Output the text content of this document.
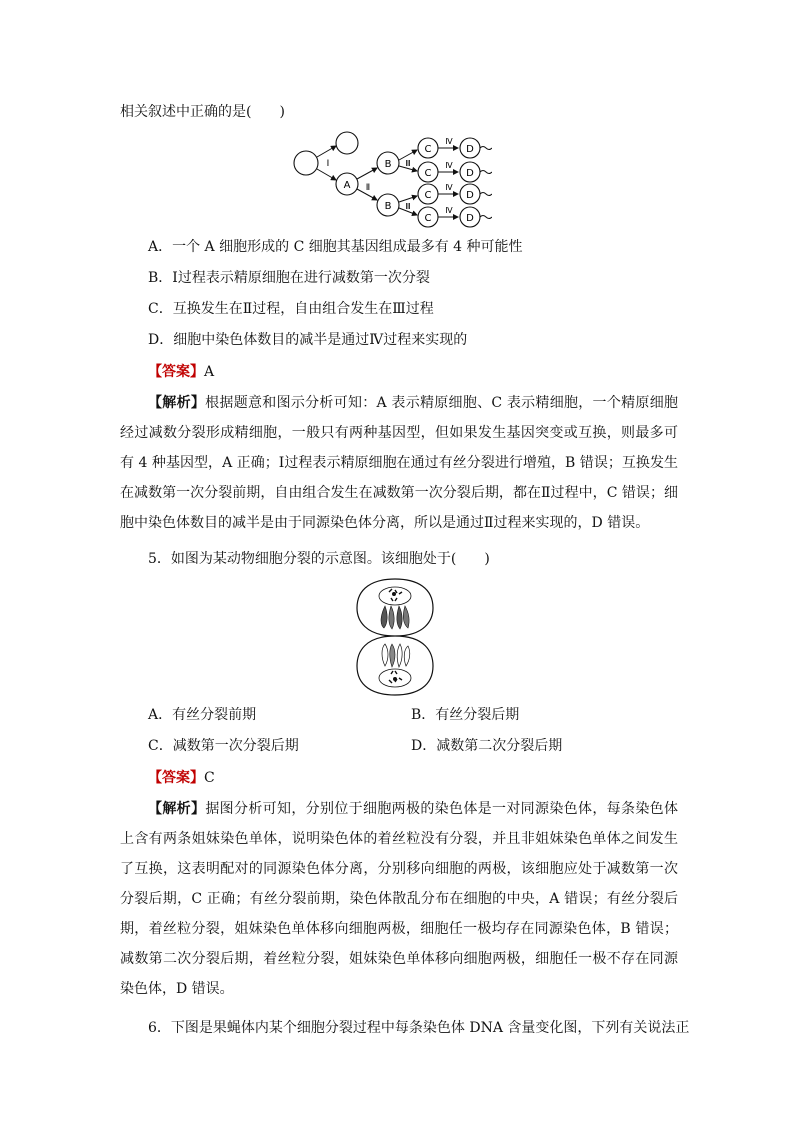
相关叙述中正确的是(　　)
A
Ⅰ	B
B
Ⅱ
C
C
C
C
Ⅲ
Ⅲ
D
D
D
D
Ⅳ
Ⅳ
Ⅳ
Ⅳ
A．一个 A 细胞形成的 C 细胞其基因组成最多有 4 种可能性
B．Ⅰ过程表示精原细胞在进行减数第一次分裂
C．互换发生在Ⅱ过程，自由组合发生在Ⅲ过程
D．细胞中染色体数目的减半是通过Ⅳ过程来实现的
【答案】A
【解析】根据题意和图示分析可知：A 表示精原细胞、C 表示精细胞，一个精原细胞经过减数分裂形成精细胞，一般只有两种基因型，但如果发生基因突变或互换，则最多可有 4 种基因型，A 正确；Ⅰ过程表示精原细胞在通过有丝分裂进行增殖，B 错误；互换发生在减数第一次分裂前期，自由组合发生在减数第一次分裂后期，都在Ⅱ过程中，C 错误；细胞中染色体数目的减半是由于同源染色体分离，所以是通过Ⅱ过程来实现的，D 错误。
5．如图为某动物细胞分裂的示意图。该细胞处于(　　)
A．有丝分裂前期	B．有丝分裂后期
C．减数第一次分裂后期	D．减数第二次分裂后期
【答案】C
【解析】据图分析可知，分别位于细胞两极的染色体是一对同源染色体，每条染色体上含有两条姐妹染色单体，说明染色体的着丝粒没有分裂，并且非姐妹染色单体之间发生了互换，这表明配对的同源染色体分离，分别移向细胞的两极，该细胞应处于减数第一次分裂后期，C 正确；有丝分裂前期，染色体散乱分布在细胞的中央，A 错误；有丝分裂后期，着丝粒分裂，姐妹染色单体移向细胞两极，细胞任一极均存在同源染色体，B 错误；减数第二次分裂后期，着丝粒分裂，姐妹染色单体移向细胞两极，细胞任一极不存在同源染色体，D 错误。
6．下图是果蝇体内某个细胞分裂过程中每条染色体 DNA 含量变化图，下列有关说法正
